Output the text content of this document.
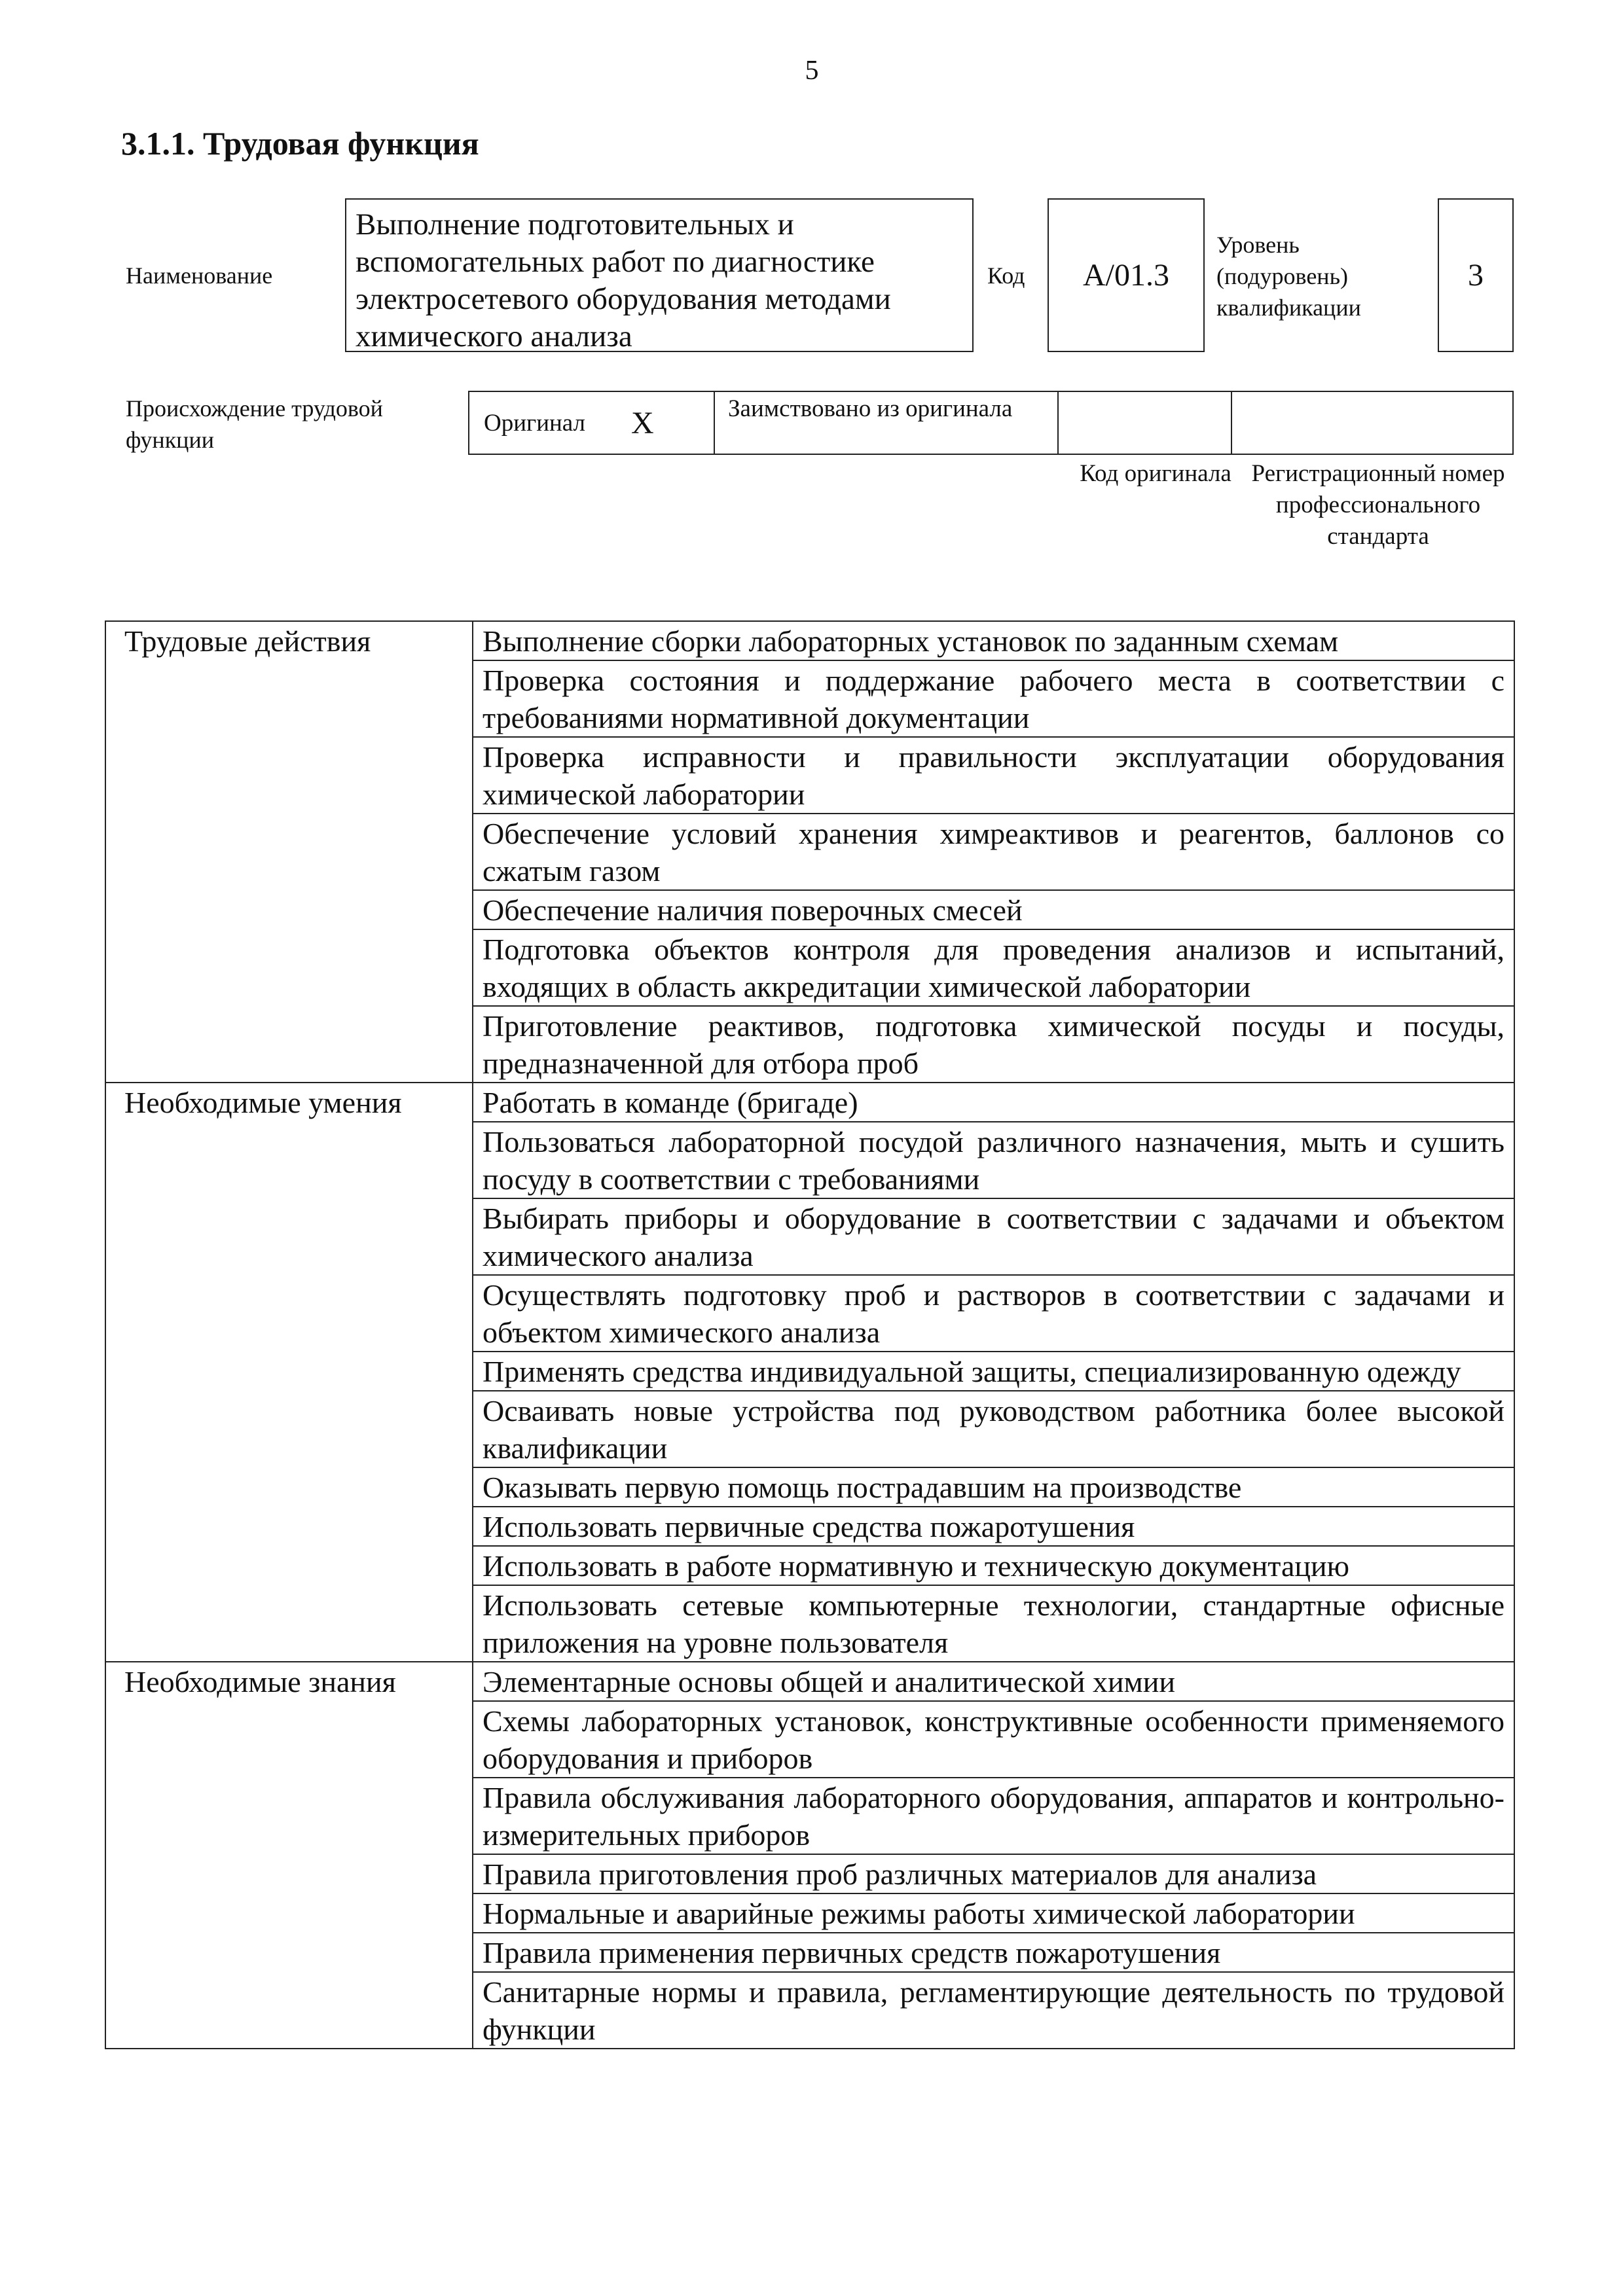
5
3.1.1. Трудовая функция
Наименование
Выполнение подготовительных и вспомогательных работ по диагностике электросетевого оборудования методами химического анализа
Код А/01.3
Уровень (подуровень) квалификации
3
Происхождение трудовой функции
Оригинал Х	Заимствовано из оригинала
Код оригинала Регистрационный номер профессионального стандарта
Трудовые действия	Выполнение сборки лабораторных установок по заданным схемам
	Проверка состояния и поддержание рабочего места в соответствии с требованиями нормативной документации
	Проверка исправности и правильности эксплуатации оборудования химической лаборатории
	Обеспечение условий хранения химреактивов и реагентов, баллонов со сжатым газом
	Обеспечение наличия поверочных смесей
	Подготовка объектов контроля для проведения анализов и испытаний, входящих в область аккредитации химической лаборатории
	Приготовление реактивов, подготовка химической посуды и посуды, предназначенной для отбора проб
Необходимые умения	Работать в команде (бригаде)
	Пользоваться лабораторной посудой различного назначения, мыть и сушить посуду в соответствии с требованиями
	Выбирать приборы и оборудование в соответствии с задачами и объектом химического анализа
	Осуществлять подготовку проб и растворов в соответствии с задачами и объектом химического анализа
	Применять средства индивидуальной защиты, специализированную одежду
	Осваивать новые устройства под руководством работника более высокой квалификации
	Оказывать первую помощь пострадавшим на производстве
	Использовать первичные средства пожаротушения
	Использовать в работе нормативную и техническую документацию
	Использовать сетевые компьютерные технологии, стандартные офисные приложения на уровне пользователя
Необходимые знания	Элементарные основы общей и аналитической химии
	Схемы лабораторных установок, конструктивные особенности применяемого оборудования и приборов
	Правила обслуживания лабораторного оборудования, аппаратов и контрольно-измерительных приборов
	Правила приготовления проб различных материалов для анализа
	Нормальные и аварийные режимы работы химической лаборатории
	Правила применения первичных средств пожаротушения
	Санитарные нормы и правила, регламентирующие деятельность по трудовой функции
